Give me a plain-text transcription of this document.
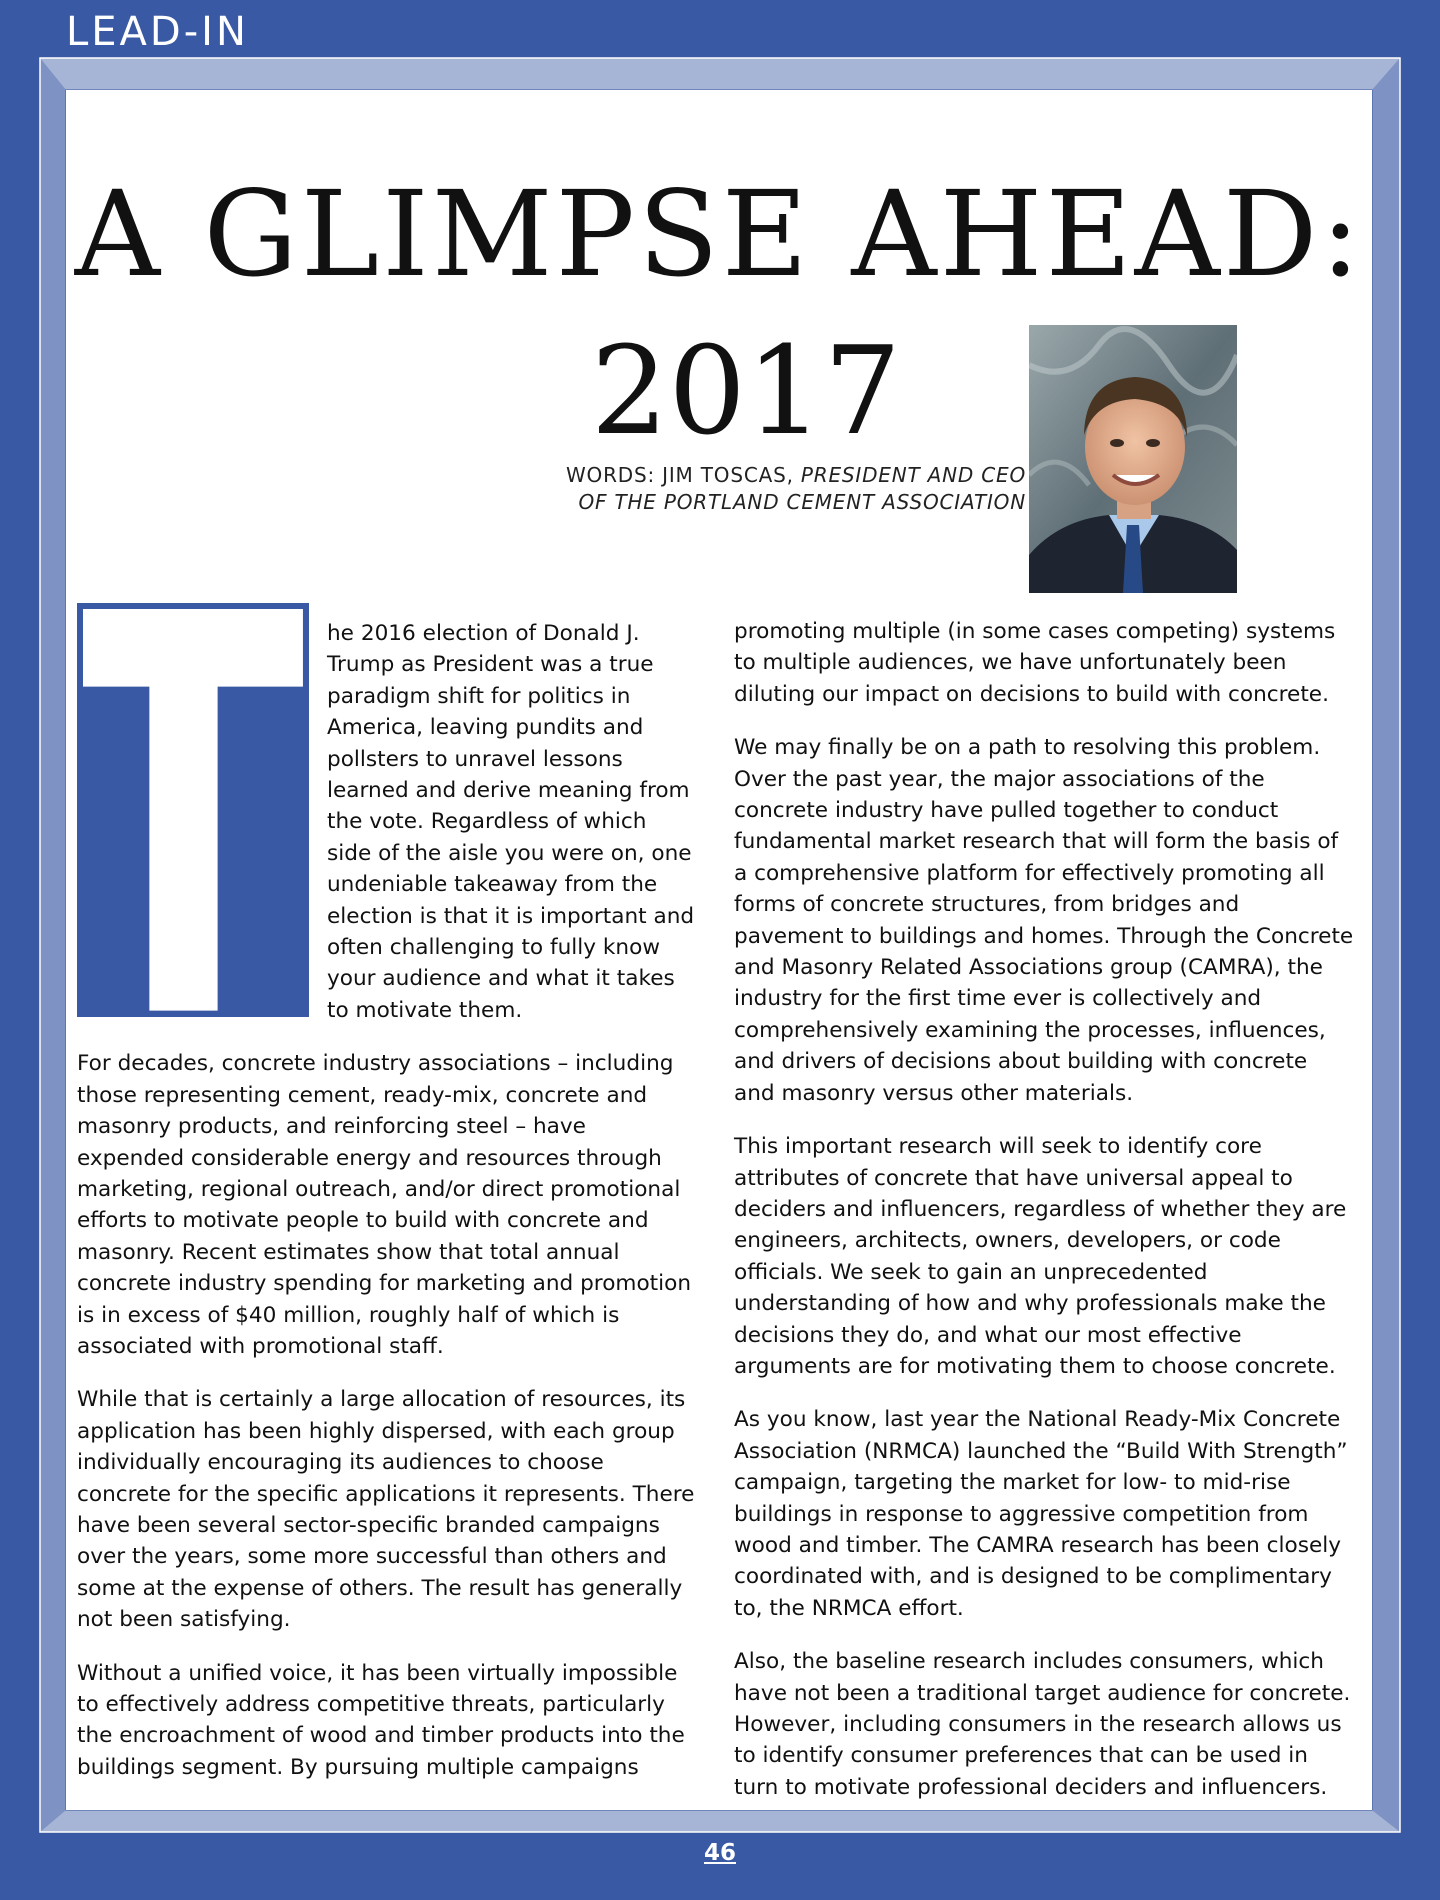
LEAD-IN
A GLIMPSE AHEAD:
2017
WORDS: JIM TOSCAS, PRESIDENT AND CEO
OF THE PORTLAND CEMENT ASSOCIATION

he 2016 election of Donald J. Trump as President was a true paradigm shift for politics in America, leaving pundits and pollsters to unravel lessons learned and derive meaning from the vote. Regardless of which side of the aisle you were on, one undeniable takeaway from the election is that it is important and often challenging to fully know your audience and what it takes to motivate them.

For decades, concrete industry associations – including those representing cement, ready-mix, concrete and masonry products, and reinforcing steel – have expended considerable energy and resources through marketing, regional outreach, and/or direct promotional efforts to motivate people to build with concrete and masonry. Recent estimates show that total annual concrete industry spending for marketing and promotion is in excess of $40 million, roughly half of which is associated with promotional staff.

While that is certainly a large allocation of resources, its application has been highly dispersed, with each group individually encouraging its audiences to choose concrete for the specific applications it represents. There have been several sector-specific branded campaigns over the years, some more successful than others and some at the expense of others. The result has generally not been satisfying.

Without a unified voice, it has been virtually impossible to effectively address competitive threats, particularly the encroachment of wood and timber products into the buildings segment. By pursuing multiple campaigns

promoting multiple (in some cases competing) systems to multiple audiences, we have unfortunately been diluting our impact on decisions to build with concrete.

We may finally be on a path to resolving this problem. Over the past year, the major associations of the concrete industry have pulled together to conduct fundamental market research that will form the basis of a comprehensive platform for effectively promoting all forms of concrete structures, from bridges and pavement to buildings and homes. Through the Concrete and Masonry Related Associations group (CAMRA), the industry for the first time ever is collectively and comprehensively examining the processes, influences, and drivers of decisions about building with concrete and masonry versus other materials.

This important research will seek to identify core attributes of concrete that have universal appeal to deciders and influencers, regardless of whether they are engineers, architects, owners, developers, or code officials. We seek to gain an unprecedented understanding of how and why professionals make the decisions they do, and what our most effective arguments are for motivating them to choose concrete.

As you know, last year the National Ready-Mix Concrete Association (NRMCA) launched the “Build With Strength” campaign, targeting the market for low- to mid-rise buildings in response to aggressive competition from wood and timber. The CAMRA research has been closely coordinated with, and is designed to be complimentary to, the NRMCA effort.

Also, the baseline research includes consumers, which have not been a traditional target audience for concrete. However, including consumers in the research allows us to identify consumer preferences that can be used in turn to motivate professional deciders and influencers.

46
